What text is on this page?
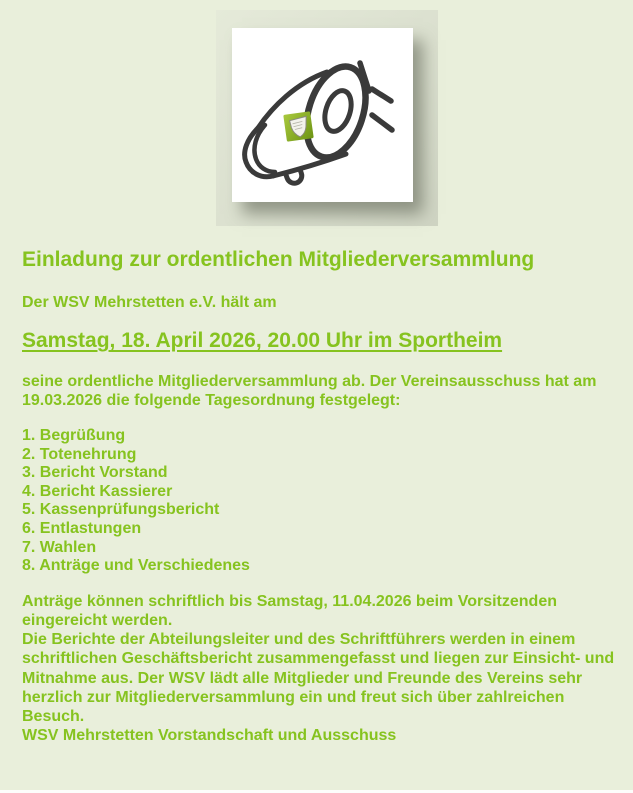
Einladung zur ordentlichen Mitgliederversammlung

Der WSV Mehrstetten e.V. hält am

Samstag, 18. April 2026, 20.00 Uhr im Sportheim
seine ordentliche Mitgliederversammlung ab. Der Vereinsausschuss hat am
19.03.2026 die folgende Tagesordnung festgelegt:
1. Begrüßung
2. Totenehrung
3. Bericht Vorstand
4. Bericht Kassierer
5. Kassenprüfungsbericht
6. Entlastungen
7. Wahlen
8. Anträge und Verschiedenes
Anträge können schriftlich bis Samstag, 11.04.2026 beim Vorsitzenden
eingereicht werden.
Die Berichte der Abteilungsleiter und des Schriftführers werden in einem
schriftlichen Geschäftsbericht zusammengefasst und liegen zur Einsicht- und
Mitnahme aus. Der WSV lädt alle Mitglieder und Freunde des Vereins sehr
herzlich zur Mitgliederversammlung ein und freut sich über zahlreichen
Besuch.
WSV Mehrstetten Vorstandschaft und Ausschuss
